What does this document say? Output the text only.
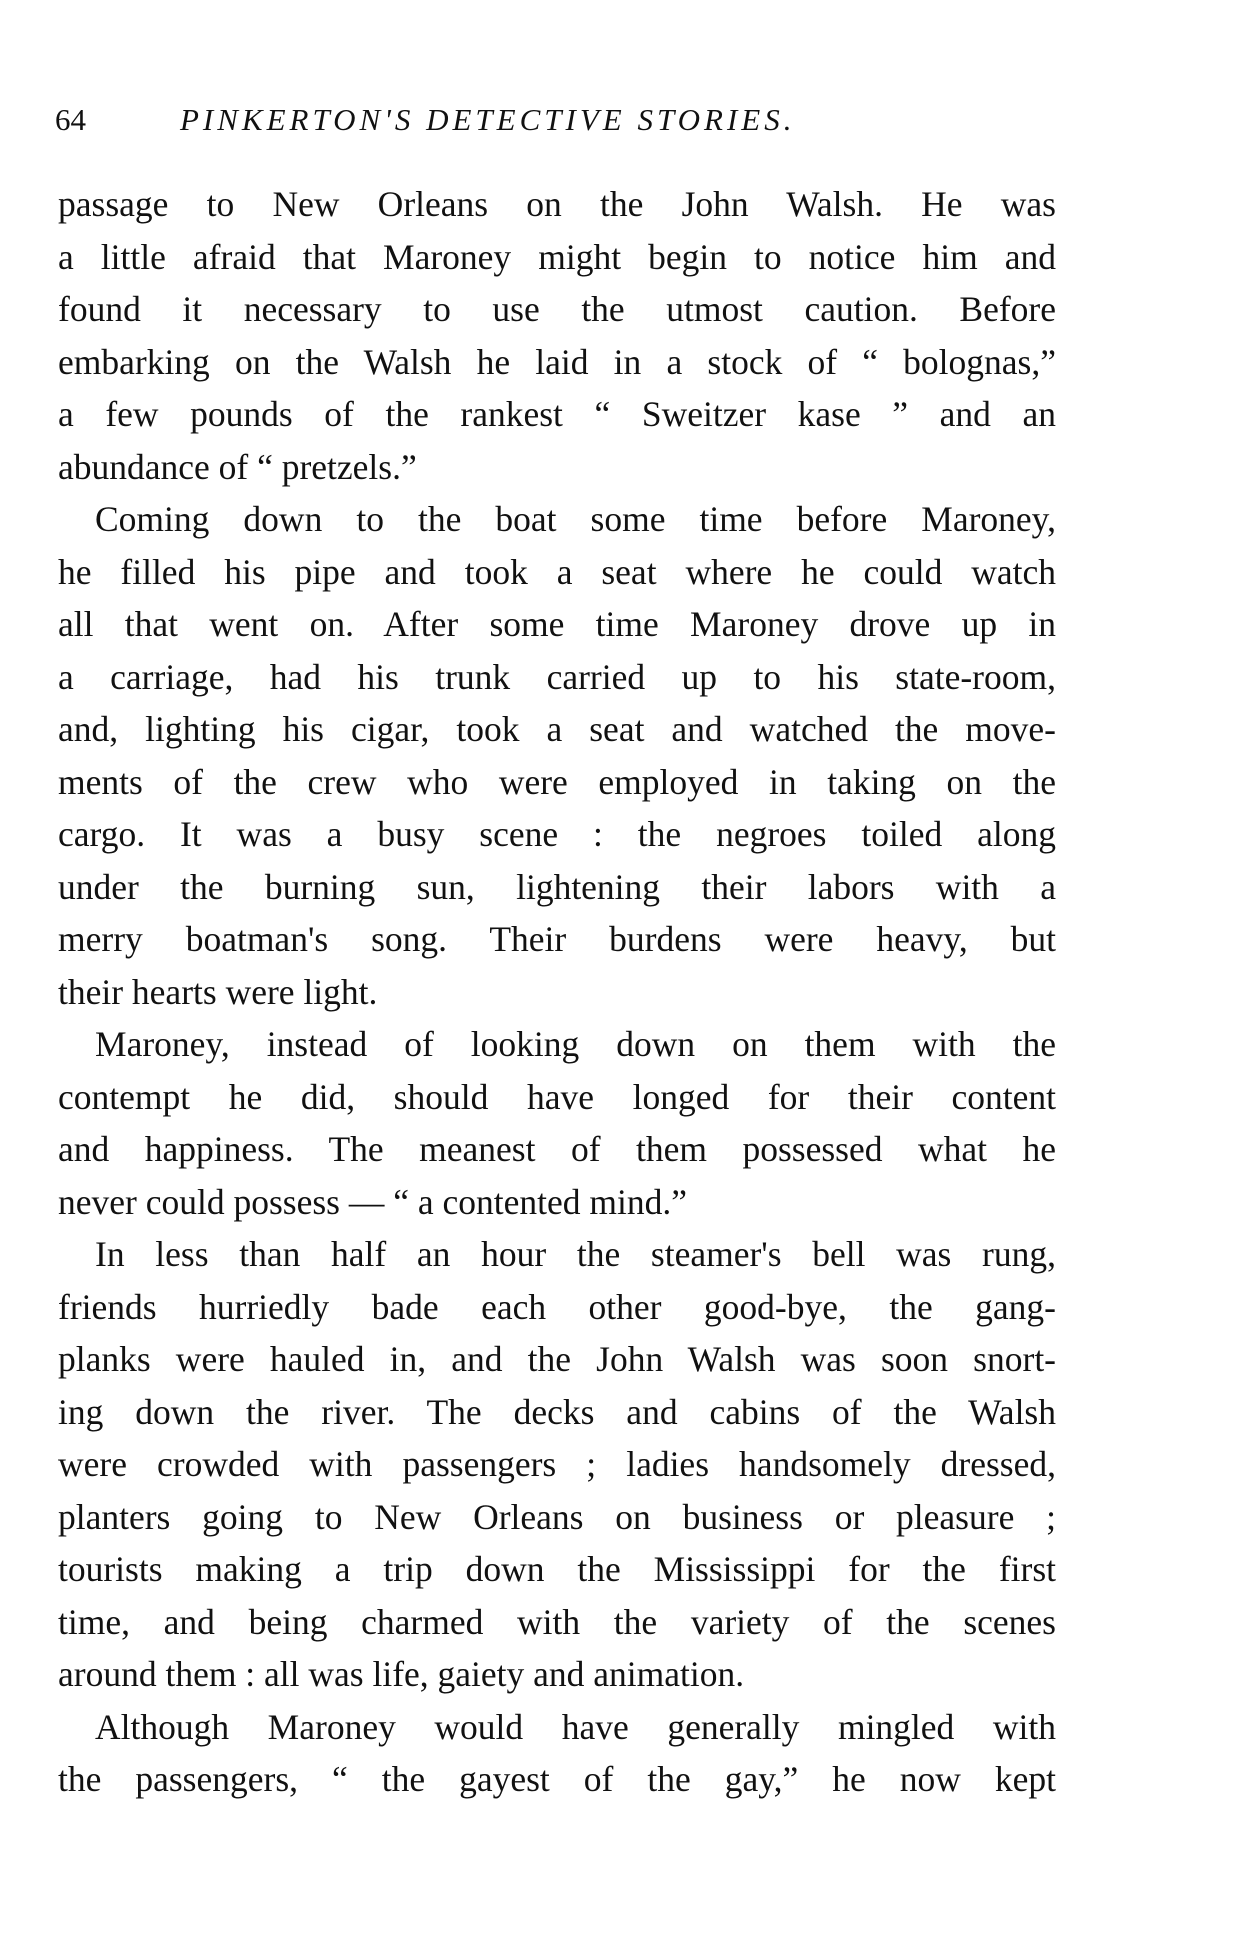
64	PINKERTON'S DETECTIVE STORIES.
passage to New Orleans on the John Walsh. He was
a little afraid that Maroney might begin to notice him and
found it necessary to use the utmost caution. Before
embarking on the Walsh he laid in a stock of “ bolognas,”
a few pounds of the rankest “ Sweitzer kase ” and an
abundance of “ pretzels.”
Coming down to the boat some time before Maroney,
he filled his pipe and took a seat where he could watch
all that went on. After some time Maroney drove up in
a carriage, had his trunk carried up to his state-room,
and, lighting his cigar, took a seat and watched the move-
ments of the crew who were employed in taking on the
cargo. It was a busy scene : the negroes toiled along
under the burning sun, lightening their labors with a
merry boatman's song. Their burdens were heavy, but
their hearts were light.
Maroney, instead of looking down on them with the
contempt he did, should have longed for their content
and happiness. The meanest of them possessed what he
never could possess — “ a contented mind.”
In less than half an hour the steamer's bell was rung,
friends hurriedly bade each other good-bye, the gang-
planks were hauled in, and the John Walsh was soon snort-
ing down the river. The decks and cabins of the Walsh
were crowded with passengers ; ladies handsomely dressed,
planters going to New Orleans on business or pleasure ;
tourists making a trip down the Mississippi for the first
time, and being charmed with the variety of the scenes
around them : all was life, gaiety and animation.
Although Maroney would have generally mingled with
the passengers, “ the gayest of the gay,” he now kept
